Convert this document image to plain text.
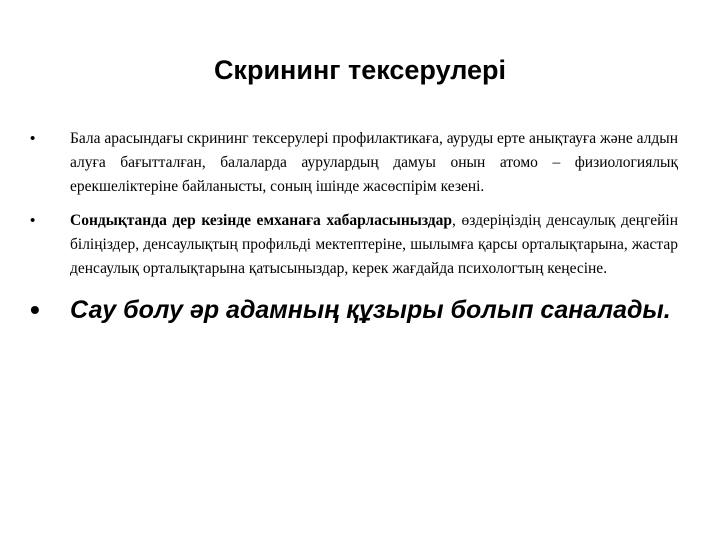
Скрининг тексерулері
• Бала арасындағы скрининг тексерулері профилактикаға, ауруды ерте анықтауға және алдын алуға бағытталған, балаларда аурулардың дамуы онын атомо – физиологиялық ерекшеліктеріне байланысты, соның ішінде жасөспірім кезені.
• Сондықтанда дер кезінде емханаға хабарласыныздар, өздеріңіздің денсаулық деңгейін біліңіздер, денсаулықтың профильді мектептеріне, шылымға қарсы орталықтарына, жастар денсаулық орталықтарына қатысыныздар, керек жағдайда психологтың кеңесіне.
• Сау болу әр адамның құзыры болып саналады.
